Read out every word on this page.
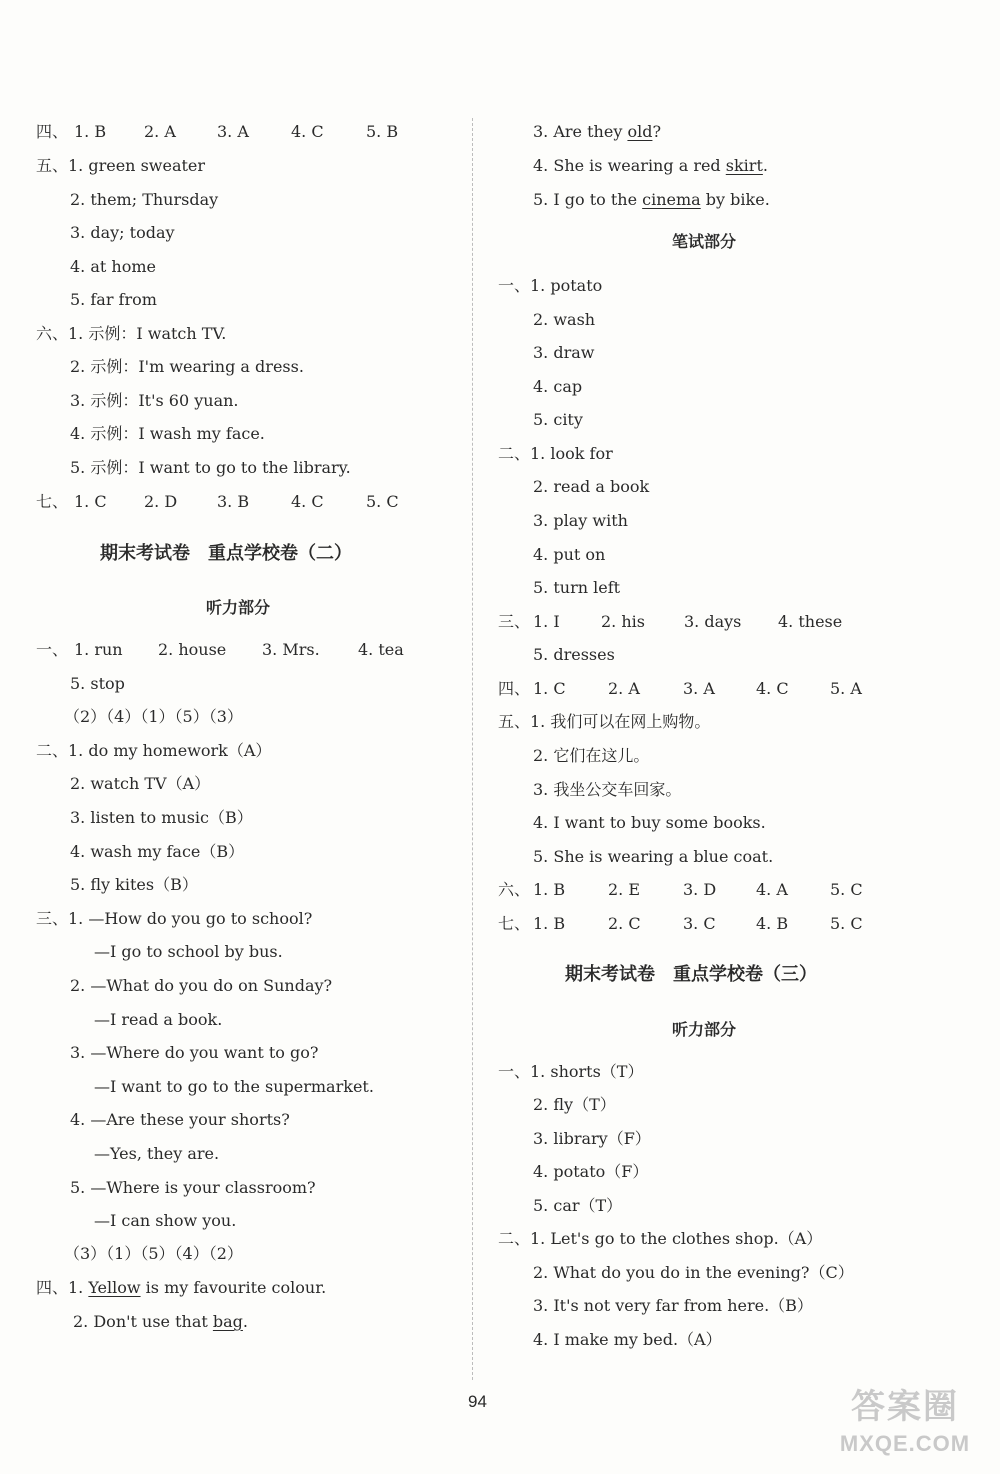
四、

1. B

2. A

	3. A

	4. C

	5. B

五、1. green sweater
2. them; Thursday
3. day; today
4. at home
5. far from
六、1. 示例：I watch TV.
2. 示例：I'm wearing a dress.
3. 示例：It's 60 yuan.
4. 示例：I wash my face.
5. 示例：I want to go to the library.

七、

1. C

2. D

3. B

	4. C

	5. C

期末考试卷　重点学校卷（二）
听力部分

一、

1. run

2. house

3. Mrs.

4. tea

5. stop
（2）（4）（1）（5）（3）
二、1. do my homework（A）
2. watch TV（A）
3. listen to music（B）
4. wash my face（B）
5. fly kites（B）
三、1. —How do you go to school?
—I go to school by bus.
2. —What do you do on Sunday?
—I read a book.
3. —Where do you want to go?
—I want to go to the supermarket.
4. —Are these your shorts?
—Yes, they are.
5. —Where is your classroom?
—I can show you.
（3）（1）（5）（4）（2）
四、1. Yellow is my favourite colour.
2. Don't use that bag.
3. Are they old?
4. She is wearing a red skirt.
5. I go to the cinema by bike.
笔试部分
一、1. potato
2. wash
3. draw
4. cap
5. city
二、1. look for
2. read a book
3. play with
4. put on
5. turn left

三、

1. I

	2. his

3. days

4. these

5. dresses

四、

1. C

	2. A

	3. A

	4. C

	5. A

五、1. 我们可以在网上购物。
2. 它们在这儿。
3. 我坐公交车回家。
4. I want to buy some books.
5. She is wearing a blue coat.

六、

1. B

	2. E

	3. D

4. A

	5. C

七、

1. B

	2. C

	3. C

	4. B

	5. C

期末考试卷　重点学校卷（三）
听力部分
一、1. shorts（T）
2. fly（T）
3. library（F）
4. potato（F）
5. car（T）
二、1. Let's go to the clothes shop.（A）
2. What do you do in the evening?（C）
3. It's not very far from here.（B）
4. I make my bed.（A）
94	答案圈
MXQE.COM
